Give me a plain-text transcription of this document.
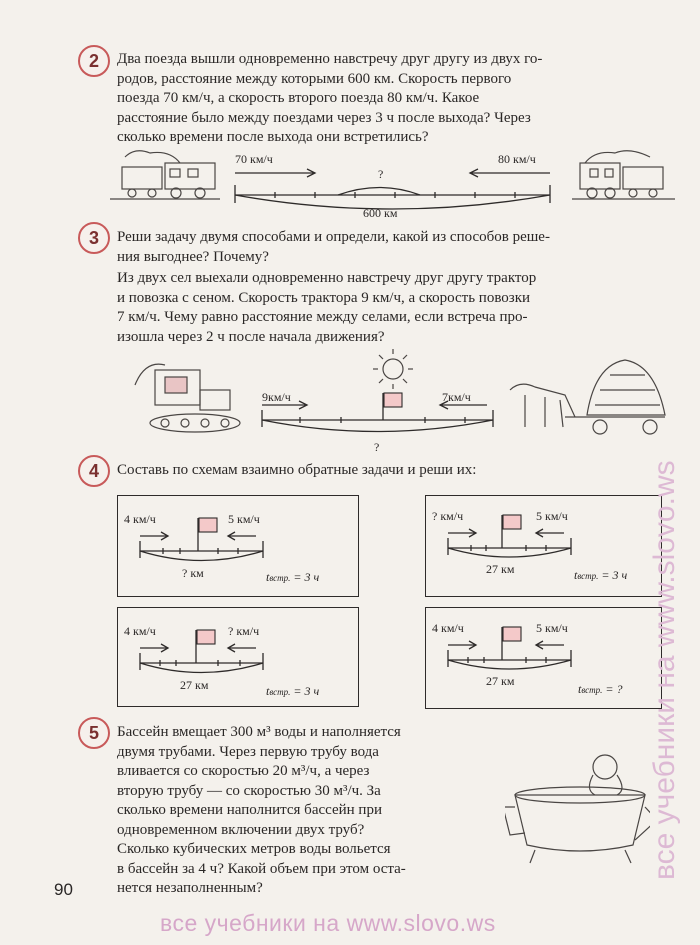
2	Два поезда вышли одновременно навстречу друг другу из двух го-
родов, расстояние между которыми 600 км. Скорость первого
поезда 70 км/ч, а скорость второго поезда 80 км/ч. Какое
расстояние было между поездами через 3 ч после выхода? Через
сколько времени после выхода они встретились?
70 км/ч	80 км/ч
?
600 км
3	Реши задачу двумя способами и определи, какой из способов реше-
ния выгоднее? Почему?
Из двух сел выехали одновременно навстречу друг другу трактор
и повозка с сеном. Скорость трактора 9 км/ч, а скорость повозки
7 км/ч. Чему равно расстояние между селами, если встреча про-
изошла через 2 ч после начала движения?
9км/ч	7км/ч
?
4	Составь по схемам взаимно обратные задачи и реши их:
4 км/ч	5 км/ч
? км	tвстр. = 3 ч
? км/ч	5 км/ч
27 км	tвстр. = 3 ч
4 км/ч	? км/ч
27 км	tвстр. = 3 ч
4 км/ч	5 км/ч
27 км
tвстр. = ?
5	Бассейн вмещает 300 м³ воды и наполняется
двумя трубами. Через первую трубу вода
вливается со скоростью 20 м³/ч, а через
вторую трубу — со скоростью 30 м³/ч. За
сколько времени наполнится бассейн при
одновременном включении двух труб?
Сколько кубических метров воды вольется
в бассейн за 4 ч? Какой объем при этом оста-
нется незаполненным?
90
все учебники на www.slovo.ws
все учебники на www.slovo.ws
